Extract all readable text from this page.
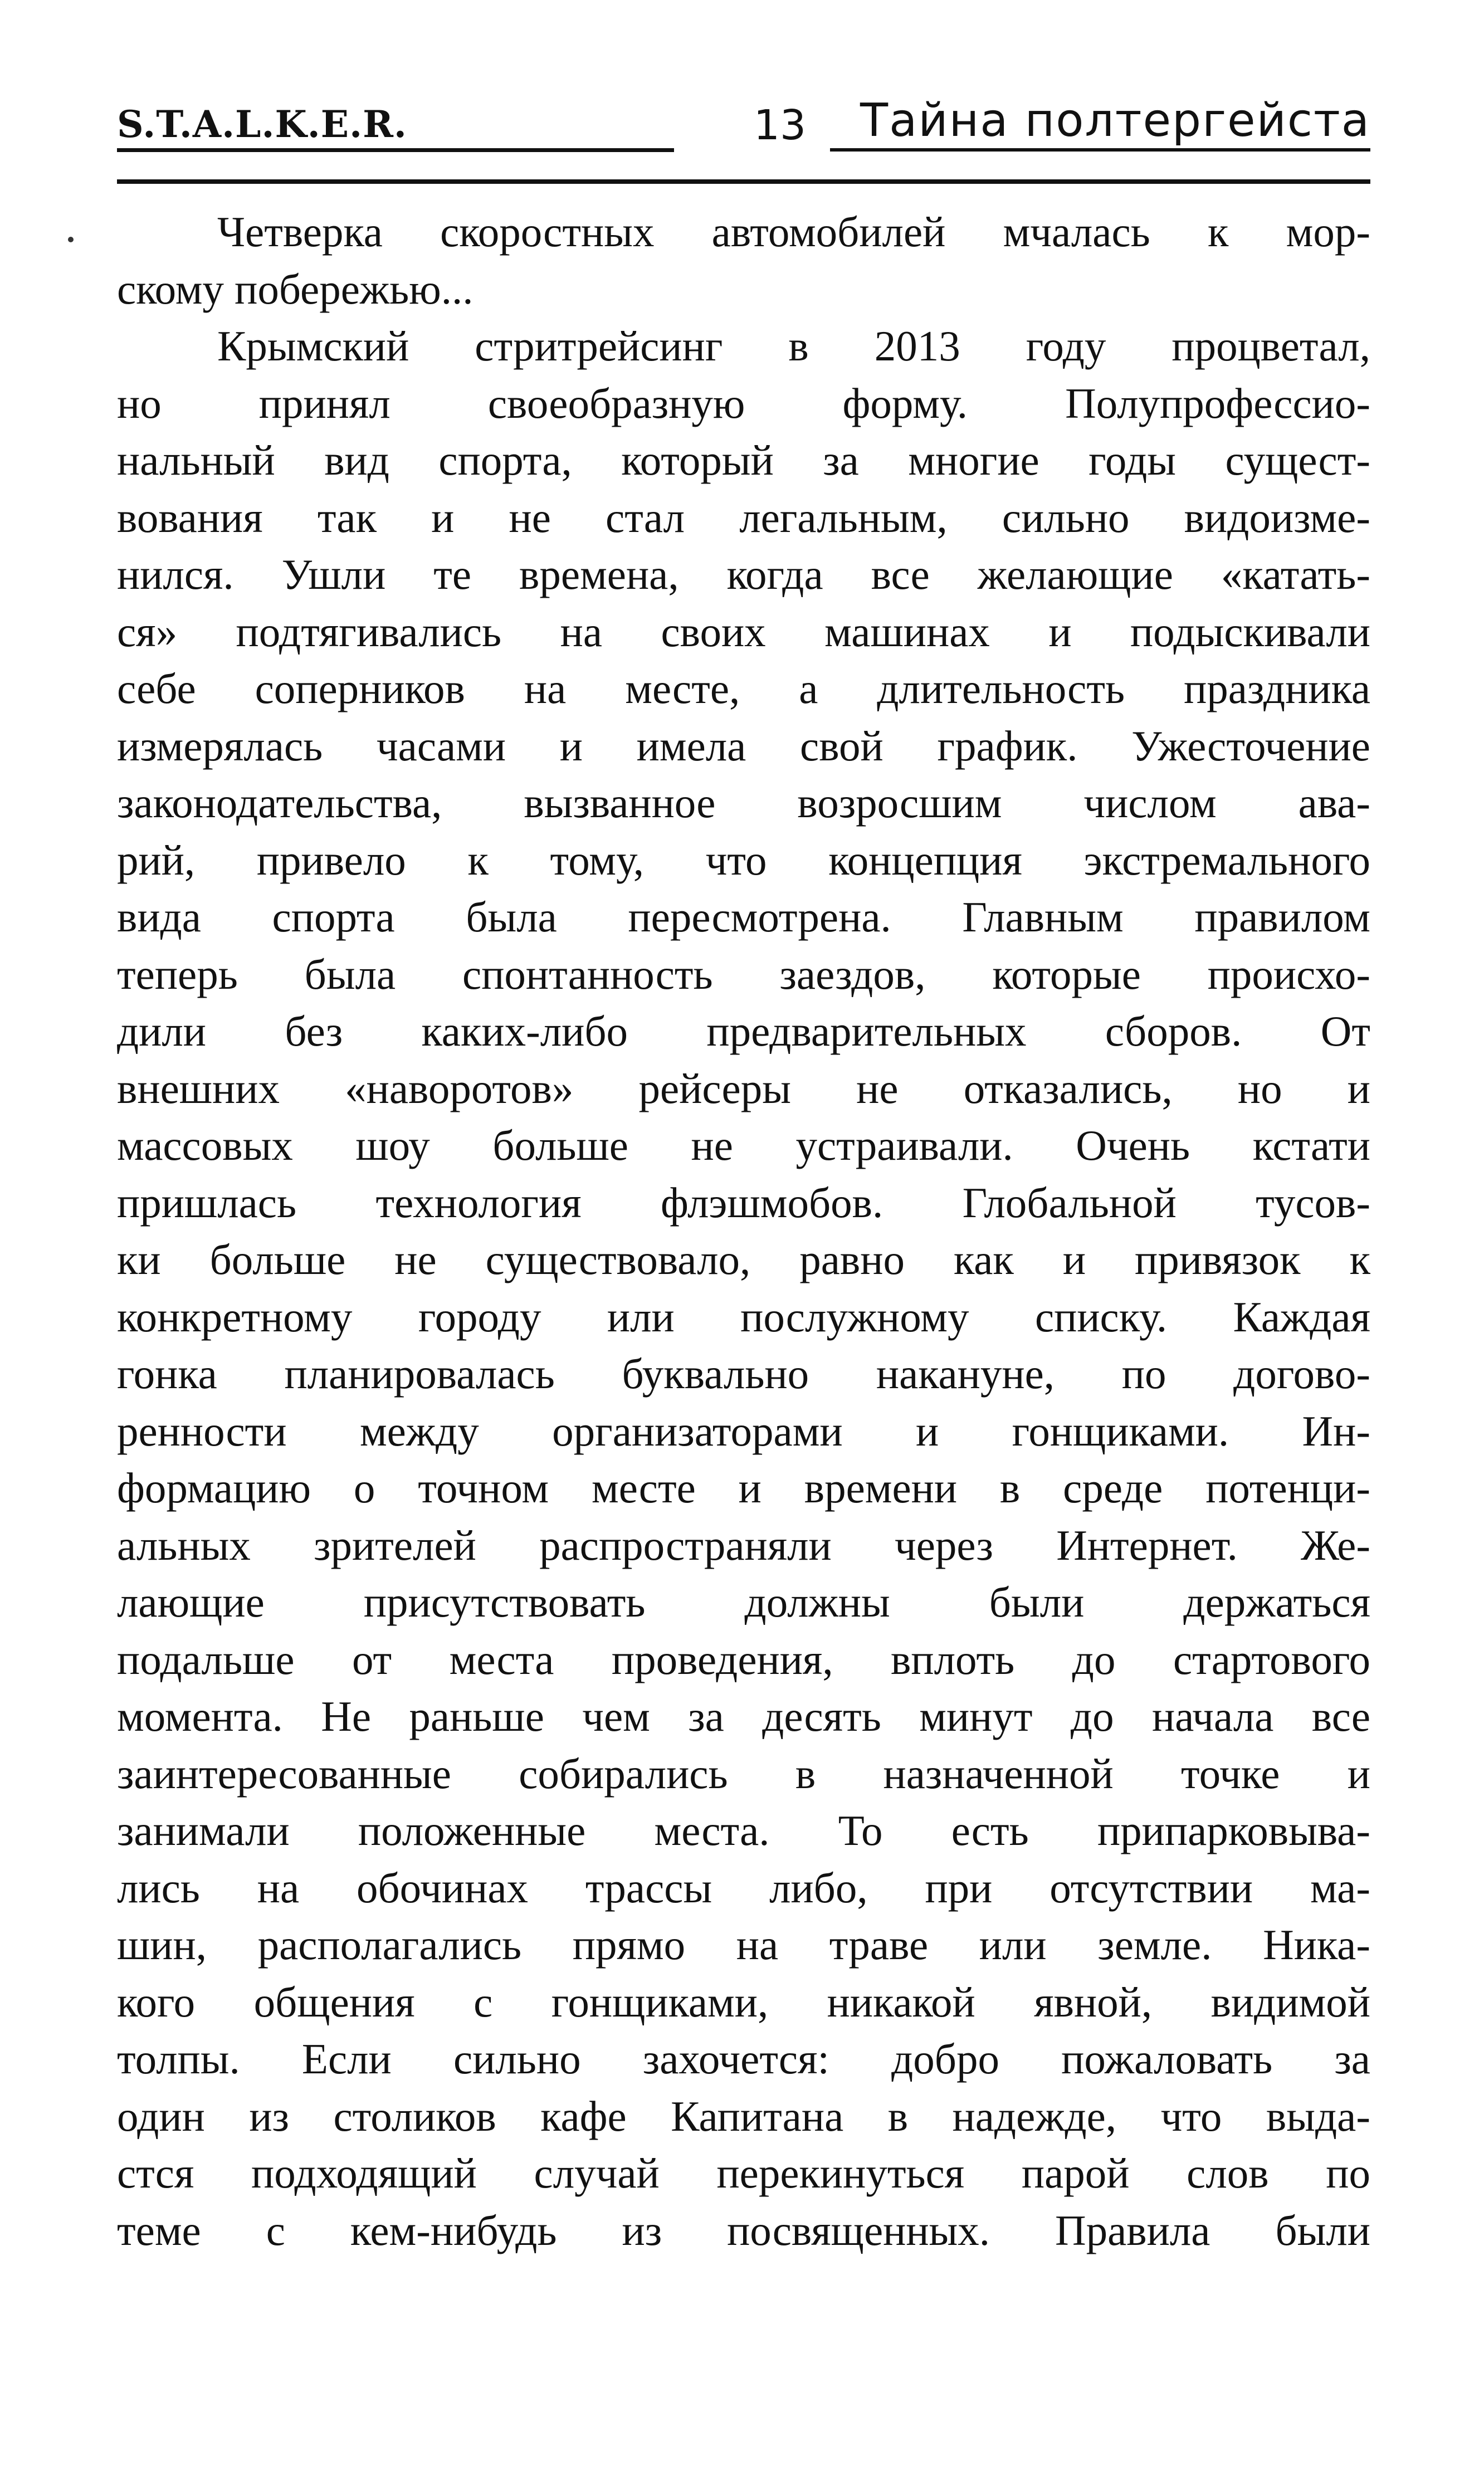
S.T.A.L.K.E.R.	13	Тайна полтергейста
Четверка скоростных автомобилей мчалась к мор-
скому побережью...
Крымский стритрейсинг в 2013 году процветал,
но принял своеобразную форму. Полупрофессио-
нальный вид спорта, который за многие годы сущест-
вования так и не стал легальным, сильно видоизме-
нился. Ушли те времена, когда все желающие «катать-
ся» подтягивались на своих машинах и подыскивали
себе соперников на месте, а длительность праздника
измерялась часами и имела свой график. Ужесточение
законодательства, вызванное возросшим числом ава-
рий, привело к тому, что концепция экстремального
вида спорта была пересмотрена. Главным правилом
теперь была спонтанность заездов, которые происхо-
дили без каких-либо предварительных сборов. От
внешних «наворотов» рейсеры не отказались, но и
массовых шоу больше не устраивали. Очень кстати
пришлась технология флэшмобов. Глобальной тусов-
ки больше не существовало, равно как и привязок к
конкретному городу или послужному списку. Каждая
гонка планировалась буквально накануне, по догово-
ренности между организаторами и гонщиками. Ин-
формацию о точном месте и времени в среде потенци-
альных зрителей распространяли через Интернет. Же-
лающие присутствовать должны были держаться
подальше от места проведения, вплоть до стартового
момента. Не раньше чем за десять минут до начала все
заинтересованные собирались в назначенной точке и
занимали положенные места. То есть припарковыва-
лись на обочинах трассы либо, при отсутствии ма-
шин, располагались прямо на траве или земле. Ника-
кого общения с гонщиками, никакой явной, видимой
толпы. Если сильно захочется: добро пожаловать за
один из столиков кафе Капитана в надежде, что выда-
стся подходящий случай перекинуться парой слов по
теме с кем-нибудь из посвященных. Правила были
